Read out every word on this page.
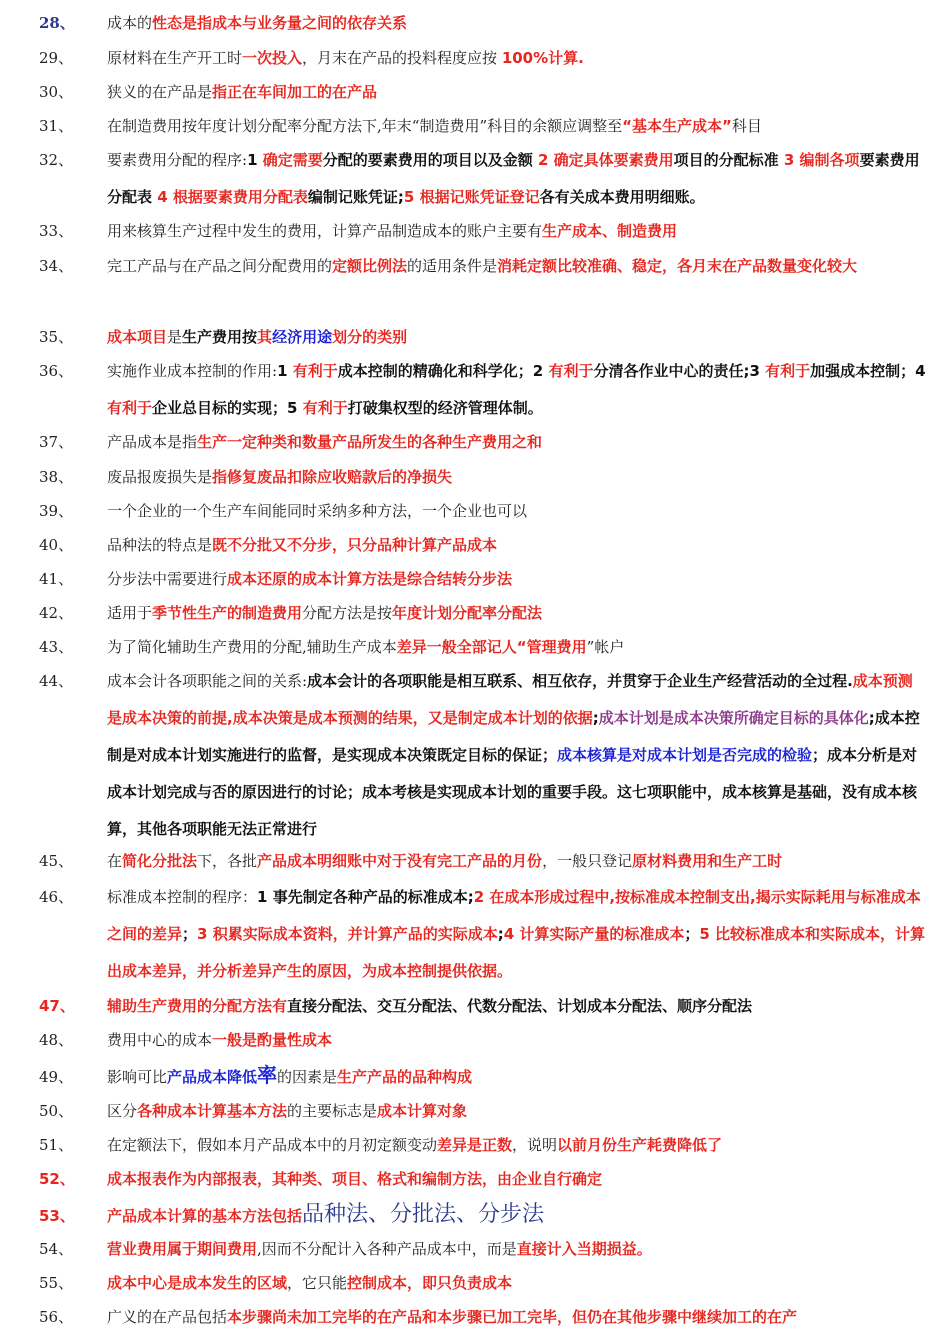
28、 成本的性态是指成本与业务量之间的依存关系
29、 原材料在生产开工时一次投入，月末在产品的投料程度应按 100%计算.
30、 狭义的在产品是指正在车间加工的在产品
31、 在制造费用按年度计划分配率分配方法下,年末“制造费用”科目的余额应调整至“基本生产成本”科目
32、 要素费用分配的程序:1 确定需要分配的要素费用的项目以及金额 2 确定具体要素费用项目的分配标准 3 编制各项要素费用分配表 4 根据要素费用分配表编制记账凭证;5 根据记账凭证登记各有关成本费用明细账。
33、 用来核算生产过程中发生的费用，计算产品制造成本的账户主要有生产成本、制造费用
34、 完工产品与在产品之间分配费用的定额比例法的适用条件是消耗定额比较准确、稳定，各月末在产品数量变化较大
35、 成本项目是生产费用按其经济用途划分的类别
36、 实施作业成本控制的作用:1 有利于成本控制的精确化和科学化；2 有利于分清各作业中心的责任;3 有利于加强成本控制；4 有利于企业总目标的实现；5 有利于打破集权型的经济管理体制。
37、 产品成本是指生产一定种类和数量产品所发生的各种生产费用之和
38、 废品报废损失是指修复废品扣除应收赔款后的净损失
39、 一个企业的一个生产车间能同时采纳多种方法，一个企业也可以
40、 品种法的特点是既不分批又不分步，只分品种计算产品成本
41、 分步法中需要进行成本还原的成本计算方法是综合结转分步法
42、 适用于季节性生产的制造费用分配方法是按年度计划分配率分配法
43、 为了简化辅助生产费用的分配,辅助生产成本差异一般全部记人“管理费用”帐户
44、 成本会计各项职能之间的关系:成本会计的各项职能是相互联系、相互依存，并贯穿于企业生产经营活动的全过程.成本预测是成本决策的前提,成本决策是成本预测的结果，又是制定成本计划的依据;成本计划是成本决策所确定目标的具体化;成本控制是对成本计划实施进行的监督，是实现成本决策既定目标的保证；成本核算是对成本计划是否完成的检验；成本分析是对成本计划完成与否的原因进行的讨论；成本考核是实现成本计划的重要手段。这七项职能中，成本核算是基础，没有成本核算，其他各项职能无法正常进行
45、 在简化分批法下，各批产品成本明细账中对于没有完工产品的月份，一般只登记原材料费用和生产工时
46、 标准成本控制的程序：1 事先制定各种产品的标准成本;2 在成本形成过程中,按标准成本控制支出,揭示实际耗用与标准成本之间的差异；3 积累实际成本资料，并计算产品的实际成本;4 计算实际产量的标准成本；5 比较标准成本和实际成本，计算出成本差异，并分析差异产生的原因，为成本控制提供依据。
47、 辅助生产费用的分配方法有直接分配法、交互分配法、代数分配法、计划成本分配法、顺序分配法
48、 费用中心的成本一般是酌量性成本
49、 影响可比产品成本降低率的因素是生产产品的品种构成
50、 区分各种成本计算基本方法的主要标志是成本计算对象
51、 在定额法下，假如本月产品成本中的月初定额变动差异是正数，说明以前月份生产耗费降低了
52、 成本报表作为内部报表，其种类、项目、格式和编制方法，由企业自行确定
53、 产品成本计算的基本方法包括品种法、分批法、分步法
54、 营业费用属于期间费用,因而不分配计入各种产品成本中，而是直接计入当期损益。
55、 成本中心是成本发生的区域，它只能控制成本，即只负责成本
56、 广义的在产品包括本步骤尚未加工完毕的在产品和本步骤已加工完毕，但仍在其他步骤中继续加工的在产
